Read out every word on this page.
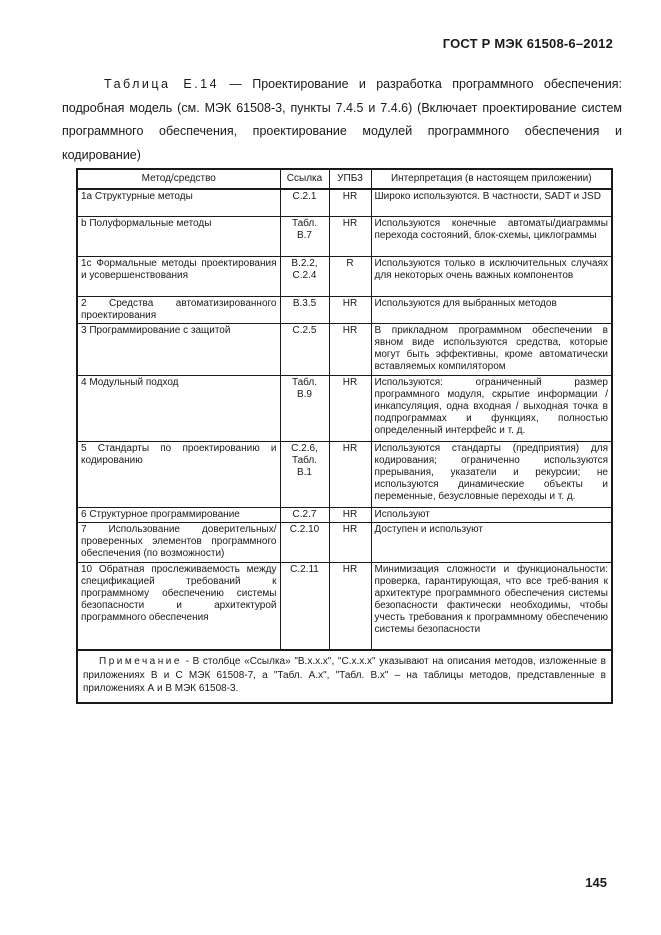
ГОСТ Р МЭК 61508-6–2012
Таблица Е.14 — Проектирование и разработка программного обеспечения: подробная модель (см. МЭК 61508-3, пункты 7.4.5 и 7.4.6) (Включает проектирование систем программного обеспечения, проектирование модулей программного обеспечения и кодирование)
Метод/средство	Ссылка	УПБ3	Интерпретация (в настоящем приложении)
1а Структурные методы	С.2.1	HR	Широко используются. В частности, SADT и JSD
b Полуформальные методы	Табл. В.7	HR	Используются конечные автоматы/диаграммы перехода состояний, блок-схемы, циклограммы
1с Формальные методы проектирования и усовершенствования	В.2.2, С.2.4	R	Используются только в исключительных случаях для некоторых очень важных компонентов
2 Средства автоматизированного проектирования	В.3.5	HR	Используются для выбранных методов
3 Программирование с защитой	С.2.5	HR	В прикладном программном обеспечении в явном виде используются средства, которые могут быть эффективны, кроме автоматически вставляемых компилятором
4 Модульный подход	Табл. В.9	HR	Используются: ограниченный размер программного модуля, скрытие информации / инкапсуляция, одна входная / выходная точка в подпрограммах и функциях, полностью определенный интерфейс и т. д.
5 Стандарты по проектированию и кодированию	С.2.6, Табл. В.1	HR	Используются стандарты (предприятия) для кодирования; ограниченно используются прерывания, указатели и рекурсии; не используются динамические объекты и переменные, безусловные переходы и т. д.
6 Структурное программирование	С.2.7	HR	Используют
7 Использование доверительных/проверенных элементов программного обеспечения (по возможности)	С.2.10	HR	Доступен и используют
10 Обратная прослеживаемость между спецификацией требований к программному обеспечению системы безопасности и архитектурой программного обеспечения	С.2.11	HR	Минимизация сложности и функциональности: проверка, гарантирующая, что все треб-вания к архитектуре программного обеспечения системы безопасности фактически необходимы, чтобы учесть требования к программному обеспечению системы безопасности
Примечание - В столбце «Ссылка» "В.х.х.х", "С.х.х.х" указывают на описания методов, изложенные в приложениях В и С МЭК 61508-7, а "Табл. А.х", "Табл. В.х" – на таблицы методов, представленные в приложениях А и В МЭК 61508-3.			
145
